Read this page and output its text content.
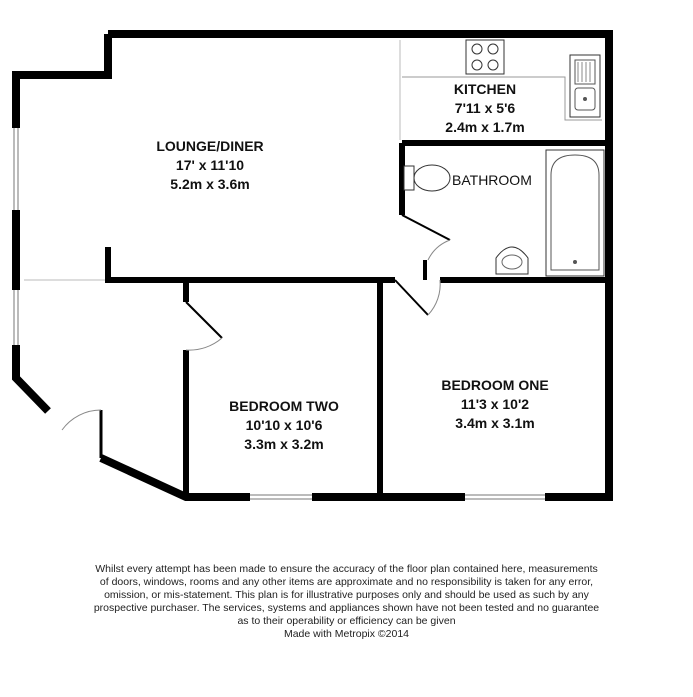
LOUNGE/DINER
17' x 11'10
5.2m x 3.6m
KITCHEN
7'11 x 5'6
2.4m x 1.7m
BATHROOM
BEDROOM TWO
10'10 x 10'6
3.3m x 3.2m
BEDROOM ONE
11'3 x 10'2
3.4m x 3.1m
Whilst every attempt has been made to ensure the accuracy of the floor plan contained here, measurements
of doors, windows, rooms and any other items are approximate and no responsibility is taken for any error,
omission, or mis-statement. This plan is for illustrative purposes only and should be used as such by any
prospective purchaser. The services, systems and appliances shown have not been tested and no guarantee
as to their operability or efficiency can be given
Made with Metropix ©2014
